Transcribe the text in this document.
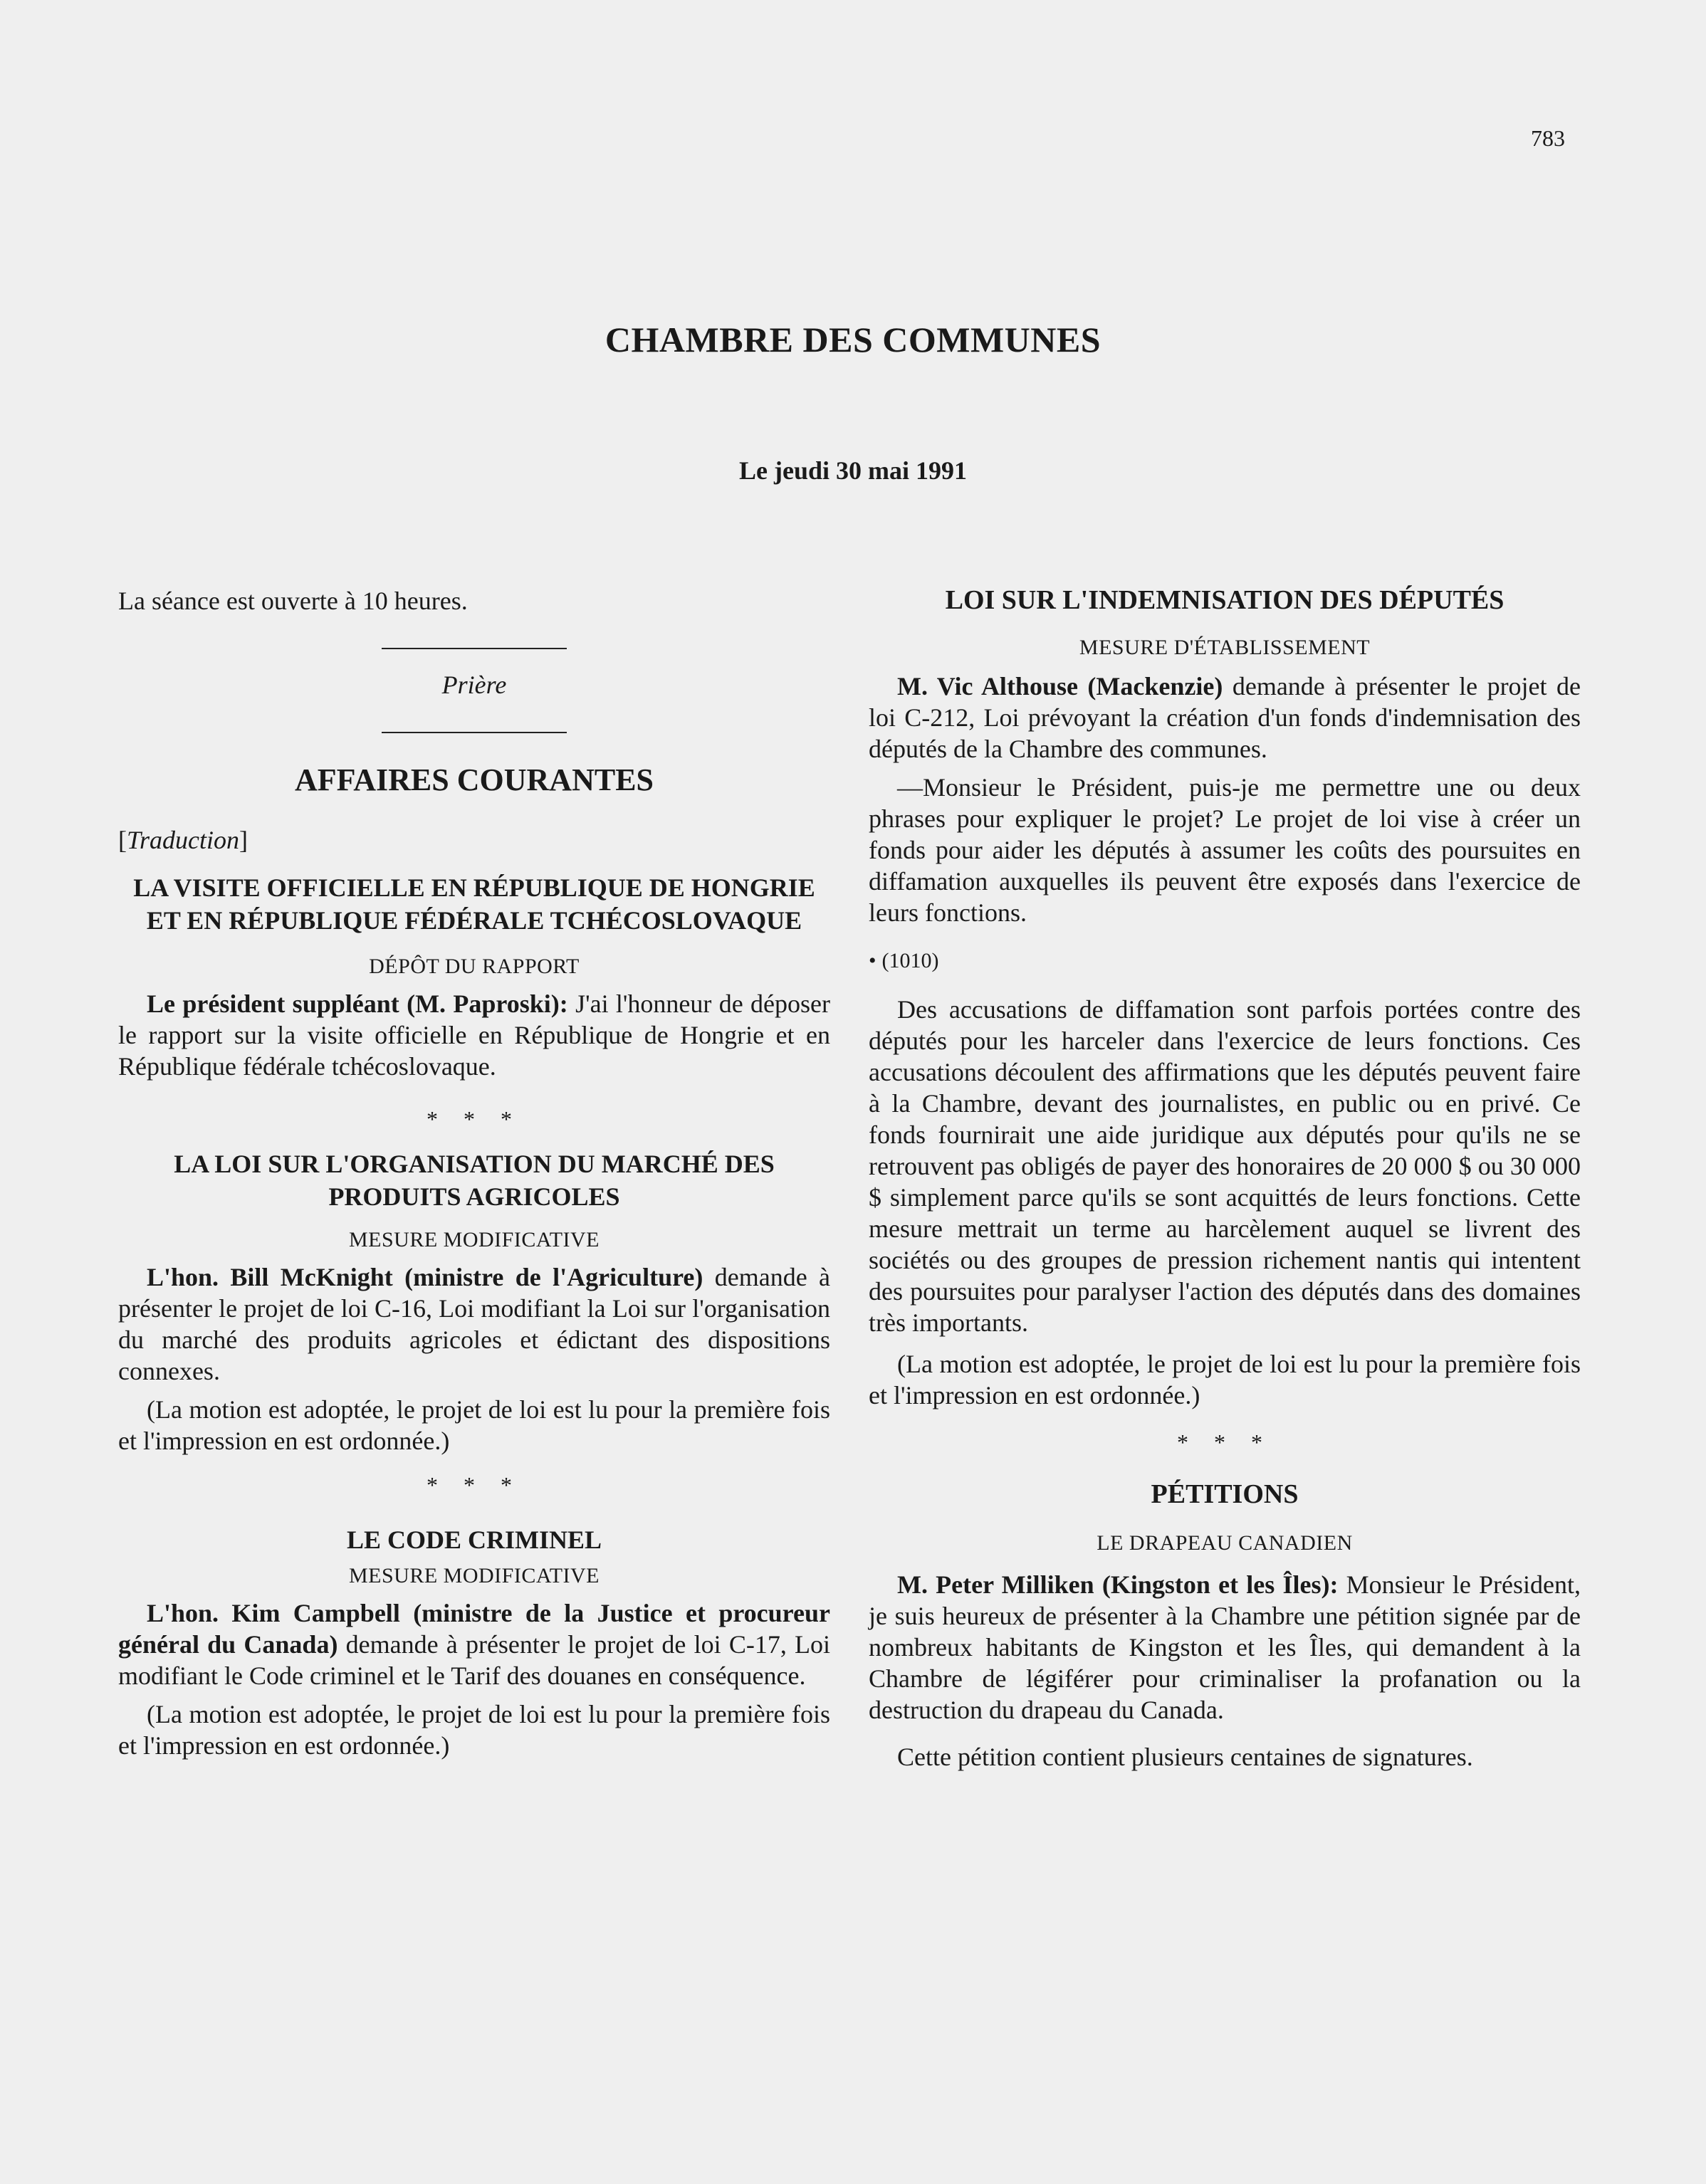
783
CHAMBRE DES COMMUNES
Le jeudi 30 mai 1991

La séance est ouverte à 10 heures.

Prière

AFFAIRES COURANTES

[Traduction]

LA VISITE OFFICIELLE EN RÉPUBLIQUE DE HONGRIE ET EN RÉPUBLIQUE FÉDÉRALE TCHÉCOSLOVAQUE
DÉPÔT DU RAPPORT

Le président suppléant (M. Paproski): J'ai l'honneur de déposer le rapport sur la visite officielle en République de Hongrie et en République fédérale tchécoslovaque.

* * *
LA LOI SUR L'ORGANISATION DU MARCHÉ DES PRODUITS AGRICOLES
MESURE MODIFICATIVE

L'hon. Bill McKnight (ministre de l'Agriculture) demande à présenter le projet de loi C-16, Loi modifiant la Loi sur l'organisation du marché des produits agricoles et édictant des dispositions connexes.

(La motion est adoptée, le projet de loi est lu pour la première fois et l'impression en est ordonnée.)

* * *
LE CODE CRIMINEL
MESURE MODIFICATIVE

L'hon. Kim Campbell (ministre de la Justice et procureur général du Canada) demande à présenter le projet de loi C-17, Loi modifiant le Code criminel et le Tarif des douanes en conséquence.

(La motion est adoptée, le projet de loi est lu pour la première fois et l'impression en est ordonnée.)

LOI SUR L'INDEMNISATION DES DÉPUTÉS
MESURE D'ÉTABLISSEMENT

M. Vic Althouse (Mackenzie) demande à présenter le projet de loi C-212, Loi prévoyant la création d'un fonds d'indemnisation des députés de la Chambre des communes.

—Monsieur le Président, puis-je me permettre une ou deux phrases pour expliquer le projet? Le projet de loi vise à créer un fonds pour aider les députés à assumer les coûts des poursuites en diffamation auxquelles ils peuvent être exposés dans l'exercice de leurs fonctions.

• (1010)

Des accusations de diffamation sont parfois portées contre des députés pour les harceler dans l'exercice de leurs fonctions. Ces accusations découlent des affirmations que les députés peuvent faire à la Chambre, devant des journalistes, en public ou en privé. Ce fonds fournirait une aide juridique aux députés pour qu'ils ne se retrouvent pas obligés de payer des honoraires de 20 000 $ ou 30 000 $ simplement parce qu'ils se sont acquittés de leurs fonctions. Cette mesure mettrait un terme au harcèlement auquel se livrent des sociétés ou des groupes de pression richement nantis qui intentent des poursuites pour paralyser l'action des députés dans des domaines très importants.

(La motion est adoptée, le projet de loi est lu pour la première fois et l'impression en est ordonnée.)

* * *
PÉTITIONS
LE DRAPEAU CANADIEN

M. Peter Milliken (Kingston et les Îles): Monsieur le Président, je suis heureux de présenter à la Chambre une pétition signée par de nombreux habitants de Kingston et les Îles, qui demandent à la Chambre de légiférer pour criminaliser la profanation ou la destruction du drapeau du Canada.

Cette pétition contient plusieurs centaines de signatures.
